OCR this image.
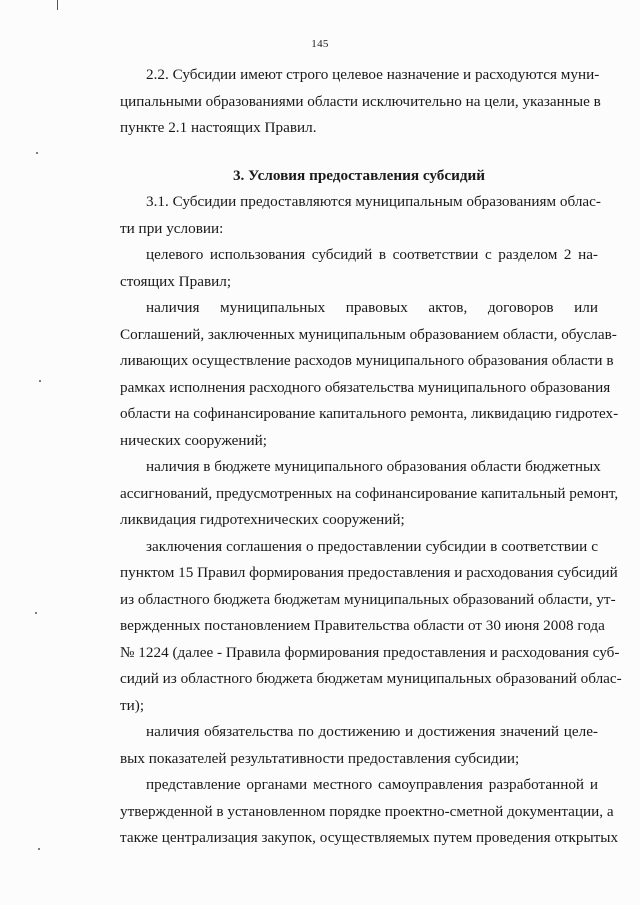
145
2.2. Субсидии имеют строго целевое назначение и расходуются муни-
ципальными образованиями области исключительно на цели, указанные в
пункте 2.1 настоящих Правил.
3. Условия предоставления субсидий
3.1. Субсидии предоставляются муниципальным образованиям облас-
ти при условии:
целевого использования субсидий в соответствии с разделом 2 на-
стоящих Правил;
наличия муниципальных правовых актов, договоров или
Соглашений, заключенных муниципальным образованием области, обуслав-
ливающих осуществление расходов муниципального образования области в
рамках исполнения расходного обязательства муниципального образования
области на софинансирование капитального ремонта, ликвидацию гидротех-
нических сооружений;
наличия в бюджете муниципального образования области бюджетных
ассигнований, предусмотренных на софинансирование капитальный ремонт,
ликвидация гидротехнических сооружений;
заключения соглашения о предоставлении субсидии в соответствии с
пунктом 15 Правил формирования предоставления и расходования субсидий
из областного бюджета бюджетам муниципальных образований области, ут-
вержденных постановлением Правительства области от 30 июня 2008 года
№ 1224 (далее - Правила формирования предоставления и расходования суб-
сидий из областного бюджета бюджетам муниципальных образований облас-
ти);
наличия обязательства по достижению и достижения значений целе-
вых показателей результативности предоставления субсидии;
представление органами местного самоуправления разработанной и
утвержденной в установленном порядке проектно-сметной документации, а
также централизация закупок, осуществляемых путем проведения открытых
